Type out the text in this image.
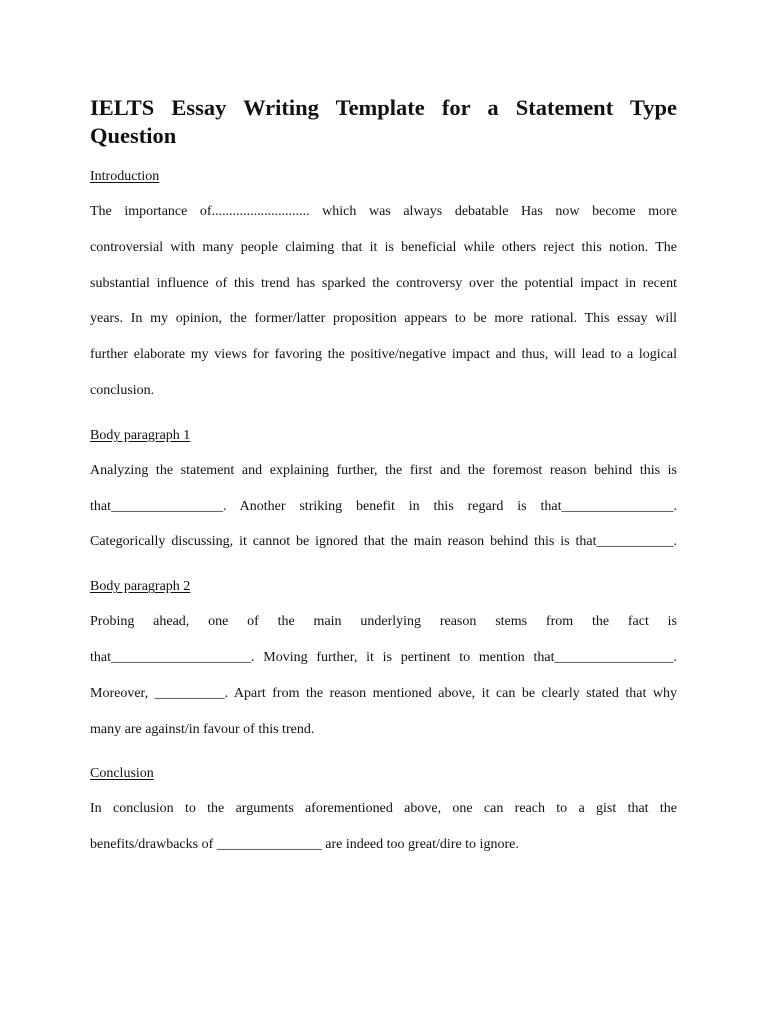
IELTS Essay Writing Template for a Statement Type Question
Introduction
The importance of............................ which was always debatable Has now become more
controversial with many people claiming that it is beneficial while others reject this notion. The
substantial influence of this trend has sparked the controversy over the potential impact in recent
years. In my opinion, the former/latter proposition appears to be more rational. This essay will
further elaborate my views for favoring the positive/negative impact and thus, will lead to a logical
conclusion.
Body paragraph 1
Analyzing the statement and explaining further, the first and the foremost reason behind this is
that________________. Another striking benefit in this regard is that________________.
Categorically discussing, it cannot be ignored that the main reason behind this is that___________.
Body paragraph 2
Probing ahead, one of the main underlying reason stems from the fact is
that____________________. Moving further, it is pertinent to mention that_________________.
Moreover, __________. Apart from the reason mentioned above, it can be clearly stated that why
many are against/in favour of this trend.
Conclusion
In conclusion to the arguments aforementioned above, one can reach to a gist that the
benefits/drawbacks of _______________ are indeed too great/dire to ignore.
